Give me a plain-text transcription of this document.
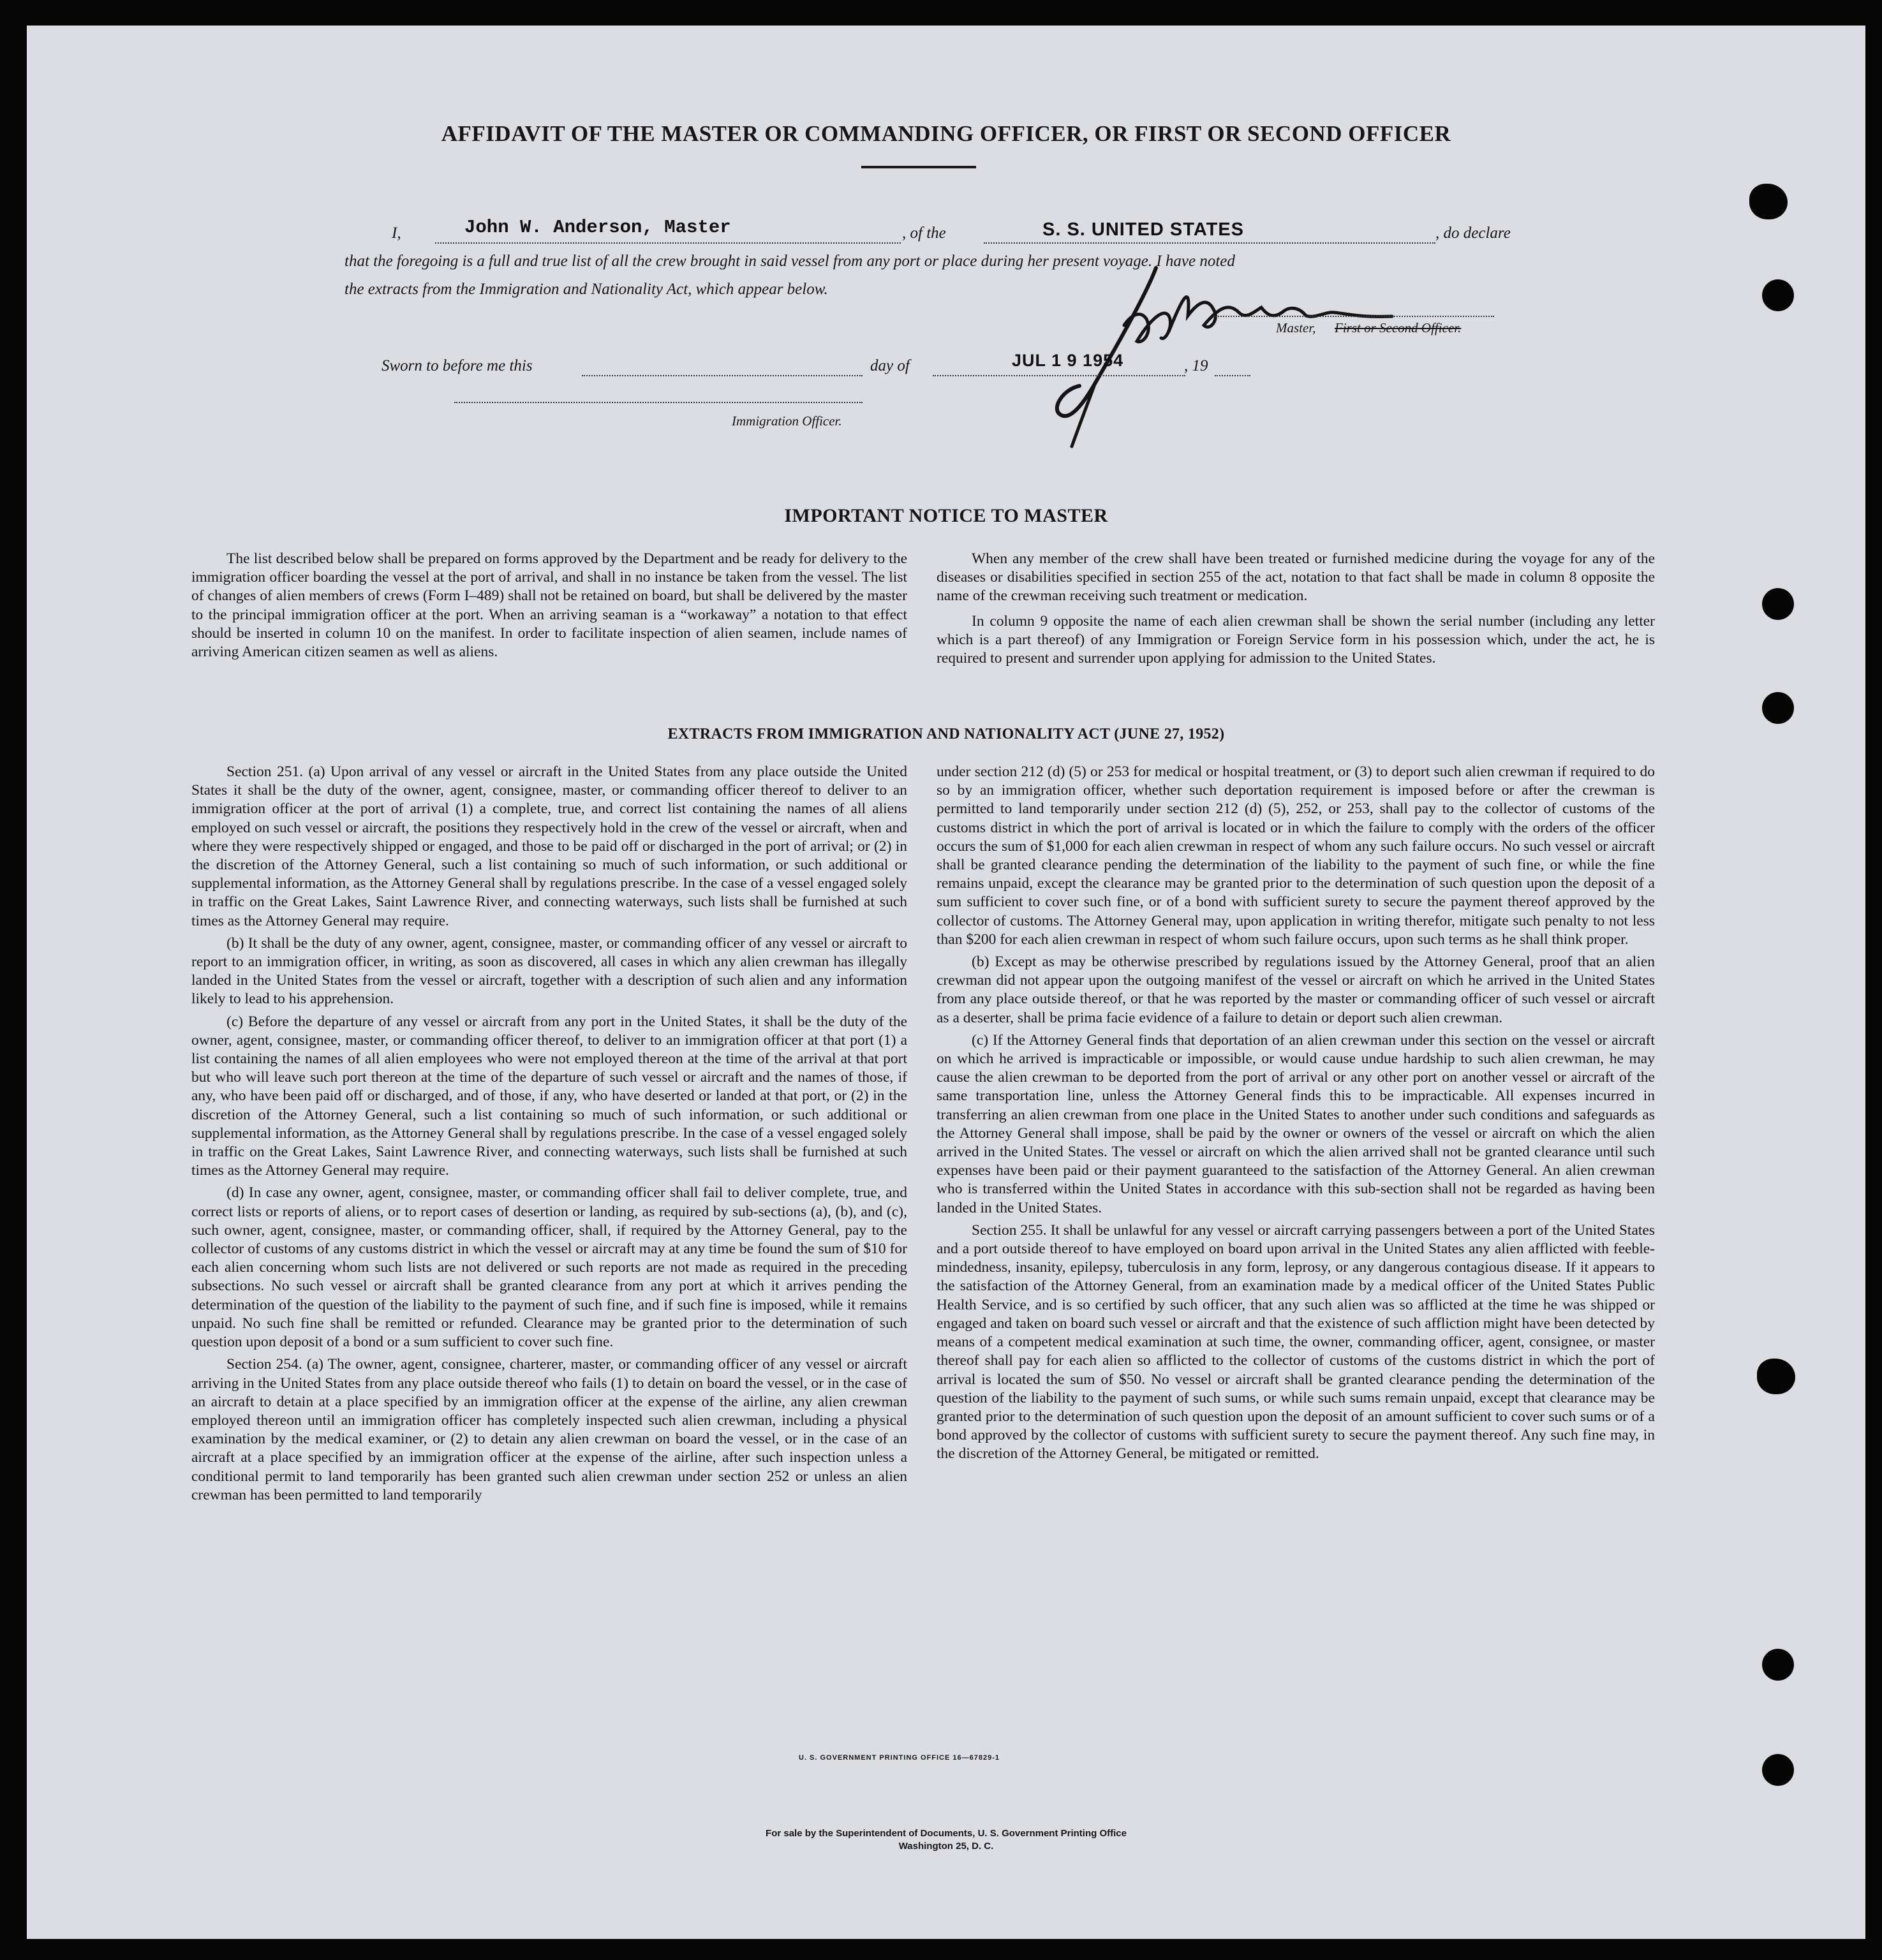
AFFIDAVIT OF THE MASTER OR COMMANDING OFFICER, OR FIRST OR SECOND OFFICER
I,	John W. Anderson, Master	, of the	S. S. UNITED STATES	, do declare
that the foregoing is a full and true list of all the crew brought in said vessel from any port or place during her present voyage. I have noted
the extracts from the Immigration and Nationality Act, which appear below.
Master, First or Second Officer.
Sworn to before me this	day of	JUL 1 9 1954	, 19
Immigration Officer.
IMPORTANT NOTICE TO MASTER

The list described below shall be prepared on forms approved by the Department and be ready for delivery to the immigration officer boarding the vessel at the port of arrival, and shall in no instance be taken from the vessel. The list of changes of alien members of crews (Form I–489) shall not be retained on board, but shall be delivered by the master to the principal immigration officer at the port. When an arriving seaman is a “workaway” a notation to that effect should be inserted in column 10 on the manifest. In order to facilitate inspection of alien seamen, include names of arriving American citizen seamen as well as aliens.

When any member of the crew shall have been treated or furnished medicine during the voyage for any of the diseases or disabilities specified in section 255 of the act, notation to that fact shall be made in column 8 opposite the name of the crewman receiving such treatment or medication.

In column 9 opposite the name of each alien crewman shall be shown the serial number (including any letter which is a part thereof) of any Immigration or Foreign Service form in his possession which, under the act, he is required to present and surrender upon applying for admission to the United States.

EXTRACTS FROM IMMIGRATION AND NATIONALITY ACT (JUNE 27, 1952)

Section 251. (a) Upon arrival of any vessel or aircraft in the United States from any place outside the United States it shall be the duty of the owner, agent, consignee, master, or commanding officer thereof to deliver to an immigration officer at the port of arrival (1) a complete, true, and correct list containing the names of all aliens employed on such vessel or aircraft, the positions they respectively hold in the crew of the vessel or aircraft, when and where they were respectively shipped or engaged, and those to be paid off or discharged in the port of arrival; or (2) in the discretion of the Attorney General, such a list containing so much of such information, or such additional or supplemental information, as the Attorney General shall by regulations prescribe. In the case of a vessel engaged solely in traffic on the Great Lakes, Saint Lawrence River, and connecting waterways, such lists shall be furnished at such times as the Attorney General may require.

(b) It shall be the duty of any owner, agent, consignee, master, or commanding officer of any vessel or aircraft to report to an immigration officer, in writing, as soon as discovered, all cases in which any alien crewman has illegally landed in the United States from the vessel or aircraft, together with a description of such alien and any information likely to lead to his apprehension.

(c) Before the departure of any vessel or aircraft from any port in the United States, it shall be the duty of the owner, agent, consignee, master, or commanding officer thereof, to deliver to an immigration officer at that port (1) a list containing the names of all alien employees who were not employed thereon at the time of the arrival at that port but who will leave such port thereon at the time of the departure of such vessel or aircraft and the names of those, if any, who have been paid off or discharged, and of those, if any, who have deserted or landed at that port, or (2) in the discretion of the Attorney General, such a list containing so much of such information, or such additional or supplemental information, as the Attorney General shall by regulations prescribe. In the case of a vessel engaged solely in traffic on the Great Lakes, Saint Lawrence River, and connecting waterways, such lists shall be furnished at such times as the Attorney General may require.

(d) In case any owner, agent, consignee, master, or commanding officer shall fail to deliver complete, true, and correct lists or reports of aliens, or to report cases of desertion or landing, as required by sub-sections (a), (b), and (c), such owner, agent, consignee, master, or commanding officer, shall, if required by the Attorney General, pay to the collector of customs of any customs district in which the vessel or aircraft may at any time be found the sum of $10 for each alien concerning whom such lists are not delivered or such reports are not made as required in the preceding subsections. No such vessel or aircraft shall be granted clearance from any port at which it arrives pending the determination of the question of the liability to the payment of such fine, and if such fine is imposed, while it remains unpaid. No such fine shall be remitted or refunded. Clearance may be granted prior to the determination of such question upon deposit of a bond or a sum sufficient to cover such fine.

Section 254. (a) The owner, agent, consignee, charterer, master, or commanding officer of any vessel or aircraft arriving in the United States from any place outside thereof who fails (1) to detain on board the vessel, or in the case of an aircraft to detain at a place specified by an immigration officer at the expense of the airline, any alien crewman employed thereon until an immigration officer has completely inspected such alien crewman, including a physical examination by the medical examiner, or (2) to detain any alien crewman on board the vessel, or in the case of an aircraft at a place specified by an immigration officer at the expense of the airline, after such inspection unless a conditional permit to land temporarily has been granted such alien crewman under section 252 or unless an alien crewman has been permitted to land temporarily

under section 212 (d) (5) or 253 for medical or hospital treatment, or (3) to deport such alien crewman if required to do so by an immigration officer, whether such deportation requirement is imposed before or after the crewman is permitted to land temporarily under section 212 (d) (5), 252, or 253, shall pay to the collector of customs of the customs district in which the port of arrival is located or in which the failure to comply with the orders of the officer occurs the sum of $1,000 for each alien crewman in respect of whom any such failure occurs. No such vessel or aircraft shall be granted clearance pending the determination of the liability to the payment of such fine, or while the fine remains unpaid, except the clearance may be granted prior to the determination of such question upon the deposit of a sum sufficient to cover such fine, or of a bond with sufficient surety to secure the payment thereof approved by the collector of customs. The Attorney General may, upon application in writing therefor, mitigate such penalty to not less than $200 for each alien crewman in respect of whom such failure occurs, upon such terms as he shall think proper.

(b) Except as may be otherwise prescribed by regulations issued by the Attorney General, proof that an alien crewman did not appear upon the outgoing manifest of the vessel or aircraft on which he arrived in the United States from any place outside thereof, or that he was reported by the master or commanding officer of such vessel or aircraft as a deserter, shall be prima facie evidence of a failure to detain or deport such alien crewman.

(c) If the Attorney General finds that deportation of an alien crewman under this section on the vessel or aircraft on which he arrived is impracticable or impossible, or would cause undue hardship to such alien crewman, he may cause the alien crewman to be deported from the port of arrival or any other port on another vessel or aircraft of the same transportation line, unless the Attorney General finds this to be impracticable. All expenses incurred in transferring an alien crewman from one place in the United States to another under such conditions and safeguards as the Attorney General shall impose, shall be paid by the owner or owners of the vessel or aircraft on which the alien arrived in the United States. The vessel or aircraft on which the alien arrived shall not be granted clearance until such expenses have been paid or their payment guaranteed to the satisfaction of the Attorney General. An alien crewman who is transferred within the United States in accordance with this sub-section shall not be regarded as having been landed in the United States.

Section 255. It shall be unlawful for any vessel or aircraft carrying passengers between a port of the United States and a port outside thereof to have employed on board upon arrival in the United States any alien afflicted with feeble-mindedness, insanity, epilepsy, tuberculosis in any form, leprosy, or any dangerous contagious disease. If it appears to the satisfaction of the Attorney General, from an examination made by a medical officer of the United States Public Health Service, and is so certified by such officer, that any such alien was so afflicted at the time he was shipped or engaged and taken on board such vessel or aircraft and that the existence of such affliction might have been detected by means of a competent medical examination at such time, the owner, commanding officer, agent, consignee, or master thereof shall pay for each alien so afflicted to the collector of customs of the customs district in which the port of arrival is located the sum of $50. No vessel or aircraft shall be granted clearance pending the determination of the question of the liability to the payment of such sums, or while such sums remain unpaid, except that clearance may be granted prior to the determination of such question upon the deposit of an amount sufficient to cover such sums or of a bond approved by the collector of customs with sufficient surety to secure the payment thereof. Any such fine may, in the discretion of the Attorney General, be mitigated or remitted.

U. S. GOVERNMENT PRINTING OFFICE 16—67829-1
For sale by the Superintendent of Documents, U. S. Government Printing Office
Washington 25, D. C.
